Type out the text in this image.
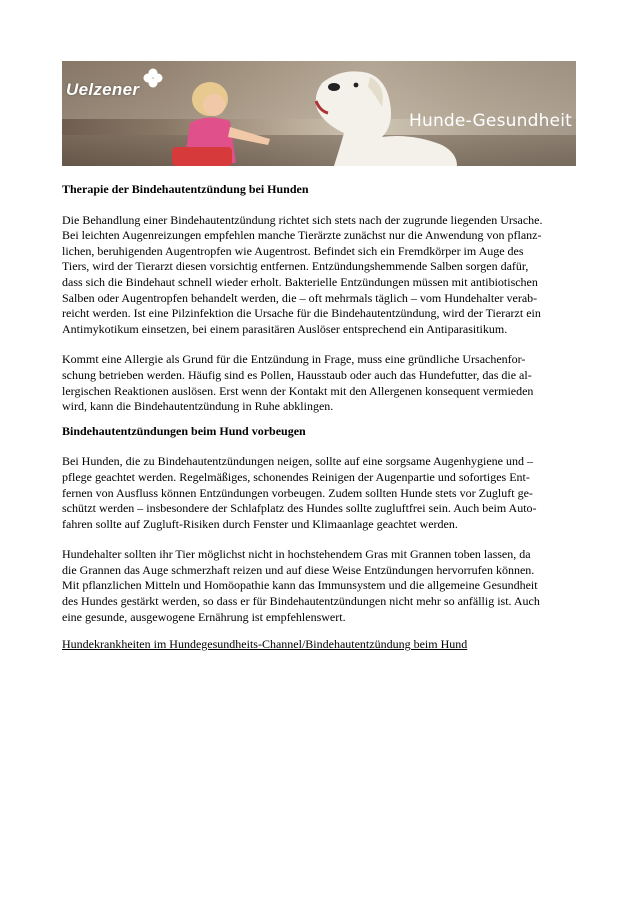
Uelzener
Hunde-Gesundheit
Therapie der Bindehautentzündung bei Hunden

Die Behandlung einer Bindehautentzündung richtet sich stets nach der zugrunde liegenden Ursache.
Bei leichten Augenreizungen empfehlen manche Tierärzte zunächst nur die Anwendung von pflanz-
lichen, beruhigenden Augentropfen wie Augentrost. Befindet sich ein Fremdkörper im Auge des
Tiers, wird der Tierarzt diesen vorsichtig entfernen. Entzündungshemmende Salben sorgen dafür,
dass sich die Bindehaut schnell wieder erholt. Bakterielle Entzündungen müssen mit antibiotischen
Salben oder Augentropfen behandelt werden, die – oft mehrmals täglich – vom Hundehalter verab-
reicht werden. Ist eine Pilzinfektion die Ursache für die Bindehautentzündung, wird der Tierarzt ein
Antimykotikum einsetzen, bei einem parasitären Auslöser entsprechend ein Antiparasitikum.

Kommt eine Allergie als Grund für die Entzündung in Frage, muss eine gründliche Ursachenfor-
schung betrieben werden. Häufig sind es Pollen, Hausstaub oder auch das Hundefutter, das die al-
lergischen Reaktionen auslösen. Erst wenn der Kontakt mit den Allergenen konsequent vermieden
wird, kann die Bindehautentzündung in Ruhe abklingen.

Bindehautentzündungen beim Hund vorbeugen

Bei Hunden, die zu Bindehautentzündungen neigen, sollte auf eine sorgsame Augenhygiene und –
pflege geachtet werden. Regelmäßiges, schonendes Reinigen der Augenpartie und sofortiges Ent-
fernen von Ausfluss können Entzündungen vorbeugen. Zudem sollten Hunde stets vor Zugluft ge-
schützt werden – insbesondere der Schlafplatz des Hundes sollte zugluftfrei sein. Auch beim Auto-
fahren sollte auf Zugluft-Risiken durch Fenster und Klimaanlage geachtet werden.

Hundehalter sollten ihr Tier möglichst nicht in hochstehendem Gras mit Grannen toben lassen, da
die Grannen das Auge schmerzhaft reizen und auf diese Weise Entzündungen hervorrufen können.
Mit pflanzlichen Mitteln und Homöopathie kann das Immunsystem und die allgemeine Gesundheit
des Hundes gestärkt werden, so dass er für Bindehautentzündungen nicht mehr so anfällig ist. Auch
eine gesunde, ausgewogene Ernährung ist empfehlenswert.

Hundekrankheiten im Hundegesundheits-Channel/Bindehautentzündung beim Hund
